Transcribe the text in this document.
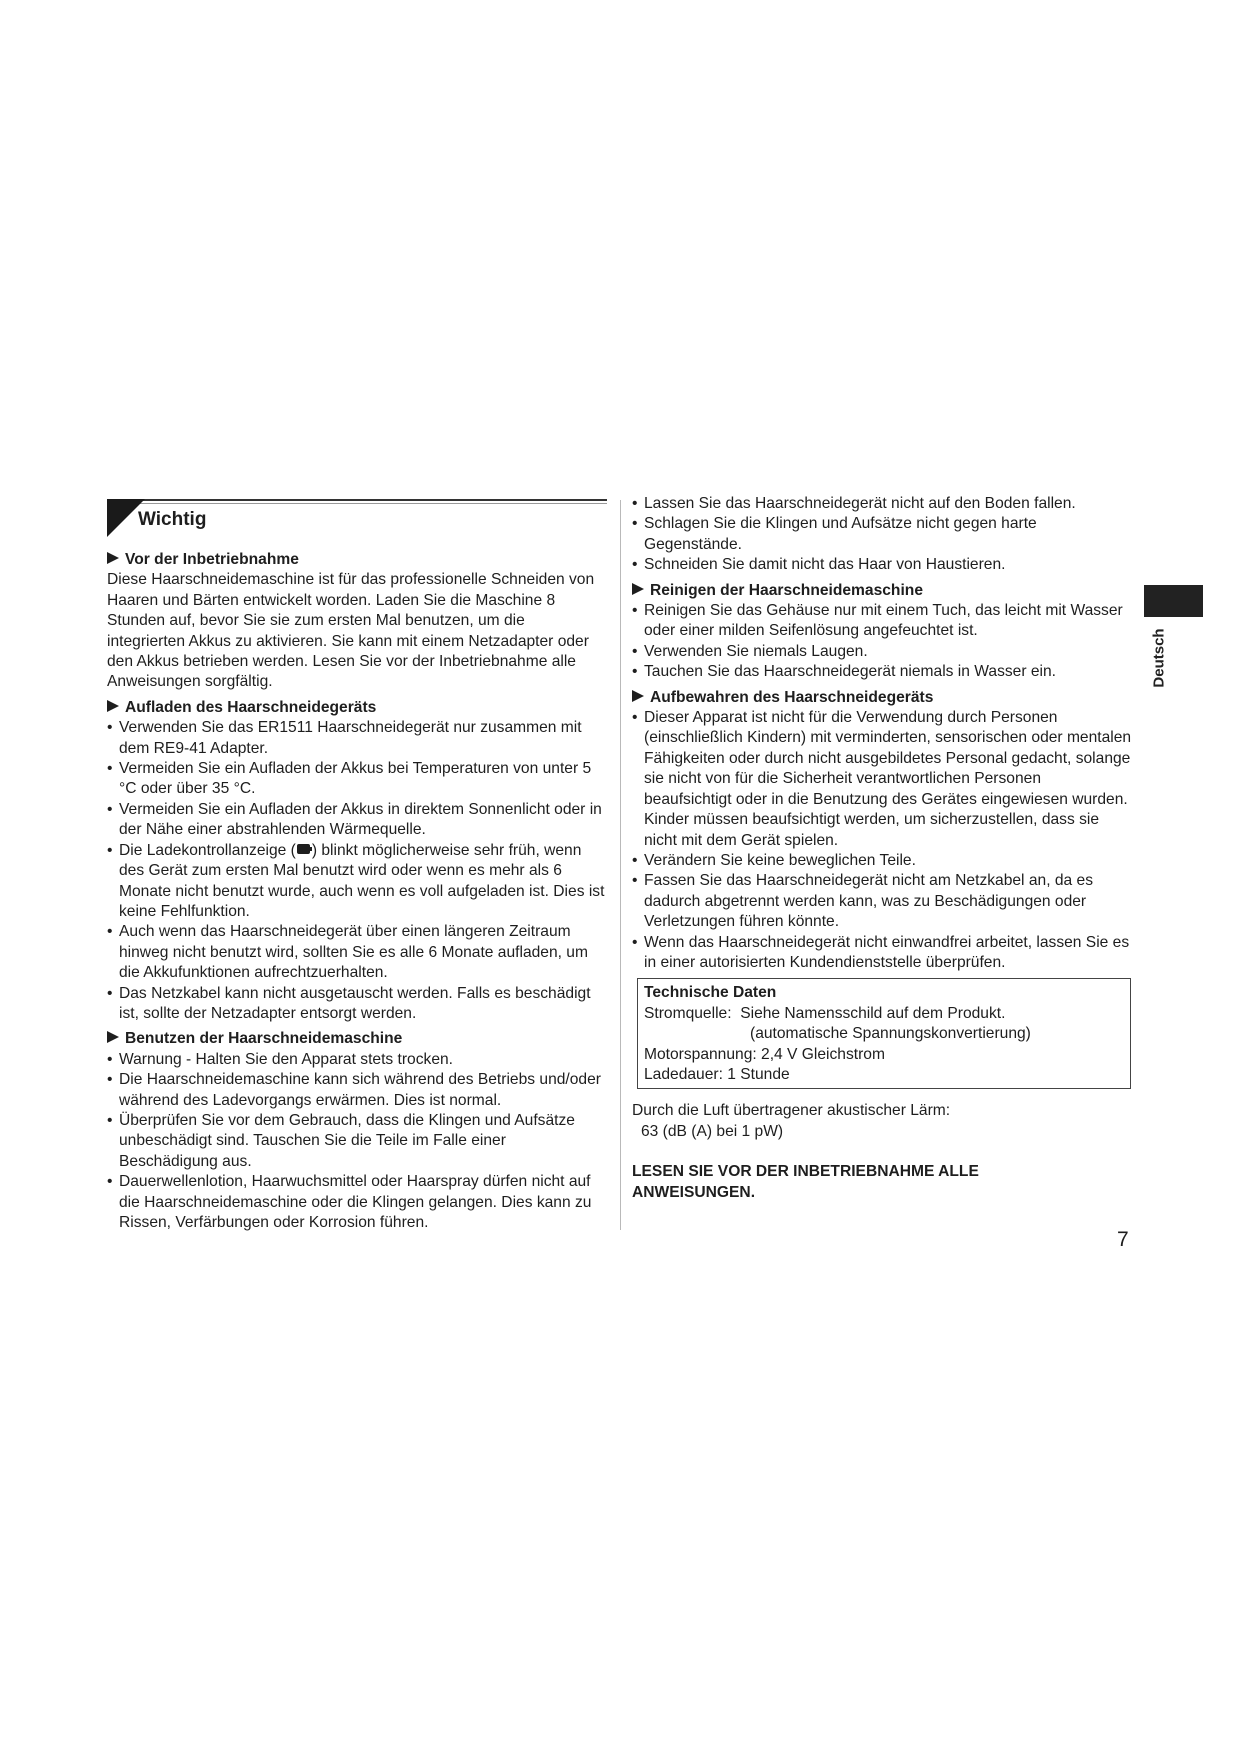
Wichtig

Vor der Inbetriebnahme

Diese Haarschneidemaschine ist für das professionelle Schneiden von Haaren und Bärten entwickelt worden. Laden Sie die Maschine 8 Stunden auf, bevor Sie sie zum ersten Mal benutzen, um die integrierten Akkus zu aktivieren. Sie kann mit einem Netzadapter oder den Akkus betrieben werden. Lesen Sie vor der Inbetriebnahme alle Anweisungen sorgfältig.

Aufladen des Haarschneidegeräts

• Verwenden Sie das ER1511 Haarschneidegerät nur zusammen mit dem RE9-41 Adapter.
• Vermeiden Sie ein Aufladen der Akkus bei Temperaturen von unter 5 °C oder über 35 °C.
• Vermeiden Sie ein Aufladen der Akkus in direktem Sonnenlicht oder in der Nähe einer abstrahlenden Wärmequelle.
• Die Ladekontrollanzeige ( ) blinkt möglicherweise sehr früh, wenn des Gerät zum ersten Mal benutzt wird oder wenn es mehr als 6 Monate nicht benutzt wurde, auch wenn es voll aufgeladen ist. Dies ist keine Fehlfunktion.
• Auch wenn das Haarschneidegerät über einen längeren Zeitraum hinweg nicht benutzt wird, sollten Sie es alle 6 Monate aufladen, um die Akkufunktionen aufrechtzuerhalten.
• Das Netzkabel kann nicht ausgetauscht werden. Falls es beschädigt ist, sollte der Netzadapter entsorgt werden.

Benutzen der Haarschneidemaschine

• Warnung - Halten Sie den Apparat stets trocken.
• Die Haarschneidemaschine kann sich während des Betriebs und/oder während des Ladevorgangs erwärmen. Dies ist normal.
• Überprüfen Sie vor dem Gebrauch, dass die Klingen und Aufsätze unbeschädigt sind. Tauschen Sie die Teile im Falle einer Beschädigung aus.
• Dauerwellenlotion, Haarwuchsmittel oder Haarspray dürfen nicht auf die Haarschneidemaschine oder die Klingen gelangen. Dies kann zu Rissen, Verfärbungen oder Korrosion führen.
• Lassen Sie das Haarschneidegerät nicht auf den Boden fallen.
• Schlagen Sie die Klingen und Aufsätze nicht gegen harte Gegenstände.
• Schneiden Sie damit nicht das Haar von Haustieren.

Reinigen der Haarschneidemaschine

• Reinigen Sie das Gehäuse nur mit einem Tuch, das leicht mit Wasser oder einer milden Seifenlösung angefeuchtet ist.
• Verwenden Sie niemals Laugen.
• Tauchen Sie das Haarschneidegerät niemals in Wasser ein.

Aufbewahren des Haarschneidegeräts

• Dieser Apparat ist nicht für die Verwendung durch Personen (einschließlich Kindern) mit verminderten, sensorischen oder mentalen Fähigkeiten oder durch nicht ausgebildetes Personal gedacht, solange sie nicht von für die Sicherheit verantwortlichen Personen beaufsichtigt oder in die Benutzung des Gerätes eingewiesen wurden. Kinder müssen beaufsichtigt werden, um sicherzustellen, dass sie nicht mit dem Gerät spielen.
• Verändern Sie keine beweglichen Teile.
• Fassen Sie das Haarschneidegerät nicht am Netzkabel an, da es dadurch abgetrennt werden kann, was zu Beschädigungen oder Verletzungen führen könnte.
• Wenn das Haarschneidegerät nicht einwandfrei arbeitet, lassen Sie es in einer autorisierten Kundendienststelle überprüfen.
Technische Daten
Stromquelle:  Siehe Namensschild auf dem Produkt.
(automatische Spannungskonvertierung)
Motorspannung: 2,4 V Gleichstrom
Ladedauer: 1 Stunde

Durch die Luft übertragener akustischer Lärm:

63 (dB (A) bei 1 pW)

LESEN SIE VOR DER INBETRIEBNAHME ALLE ANWEISUNGEN.

Deutsch
7
